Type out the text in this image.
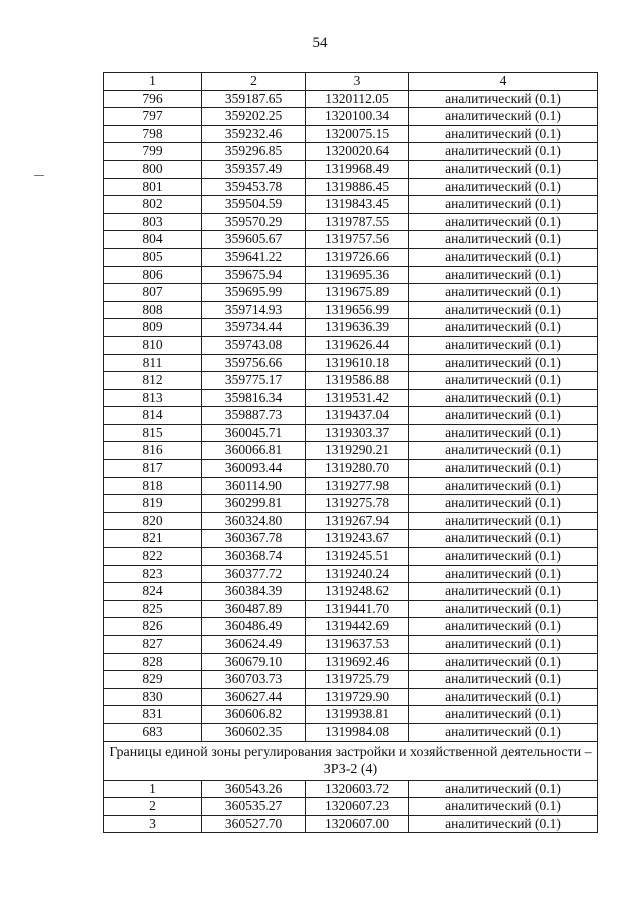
54
1	2	3	4
796	359187.65	1320112.05	аналитический (0.1)
797	359202.25	1320100.34	аналитический (0.1)
798	359232.46	1320075.15	аналитический (0.1)
799	359296.85	1320020.64	аналитический (0.1)
800	359357.49	1319968.49	аналитический (0.1)
801	359453.78	1319886.45	аналитический (0.1)
802	359504.59	1319843.45	аналитический (0.1)
803	359570.29	1319787.55	аналитический (0.1)
804	359605.67	1319757.56	аналитический (0.1)
805	359641.22	1319726.66	аналитический (0.1)
806	359675.94	1319695.36	аналитический (0.1)
807	359695.99	1319675.89	аналитический (0.1)
808	359714.93	1319656.99	аналитический (0.1)
809	359734.44	1319636.39	аналитический (0.1)
810	359743.08	1319626.44	аналитический (0.1)
811	359756.66	1319610.18	аналитический (0.1)
812	359775.17	1319586.88	аналитический (0.1)
813	359816.34	1319531.42	аналитический (0.1)
814	359887.73	1319437.04	аналитический (0.1)
815	360045.71	1319303.37	аналитический (0.1)
816	360066.81	1319290.21	аналитический (0.1)
817	360093.44	1319280.70	аналитический (0.1)
818	360114.90	1319277.98	аналитический (0.1)
819	360299.81	1319275.78	аналитический (0.1)
820	360324.80	1319267.94	аналитический (0.1)
821	360367.78	1319243.67	аналитический (0.1)
822	360368.74	1319245.51	аналитический (0.1)
823	360377.72	1319240.24	аналитический (0.1)
824	360384.39	1319248.62	аналитический (0.1)
825	360487.89	1319441.70	аналитический (0.1)
826	360486.49	1319442.69	аналитический (0.1)
827	360624.49	1319637.53	аналитический (0.1)
828	360679.10	1319692.46	аналитический (0.1)
829	360703.73	1319725.79	аналитический (0.1)
830	360627.44	1319729.90	аналитический (0.1)
831	360606.82	1319938.81	аналитический (0.1)
683	360602.35	1319984.08	аналитический (0.1)
Границы единой зоны регулирования застройки и хозяйственной деятельности – ЗРЗ-2 (4)			
1	360543.26	1320603.72	аналитический (0.1)
2	360535.27	1320607.23	аналитический (0.1)
3	360527.70	1320607.00	аналитический (0.1)
